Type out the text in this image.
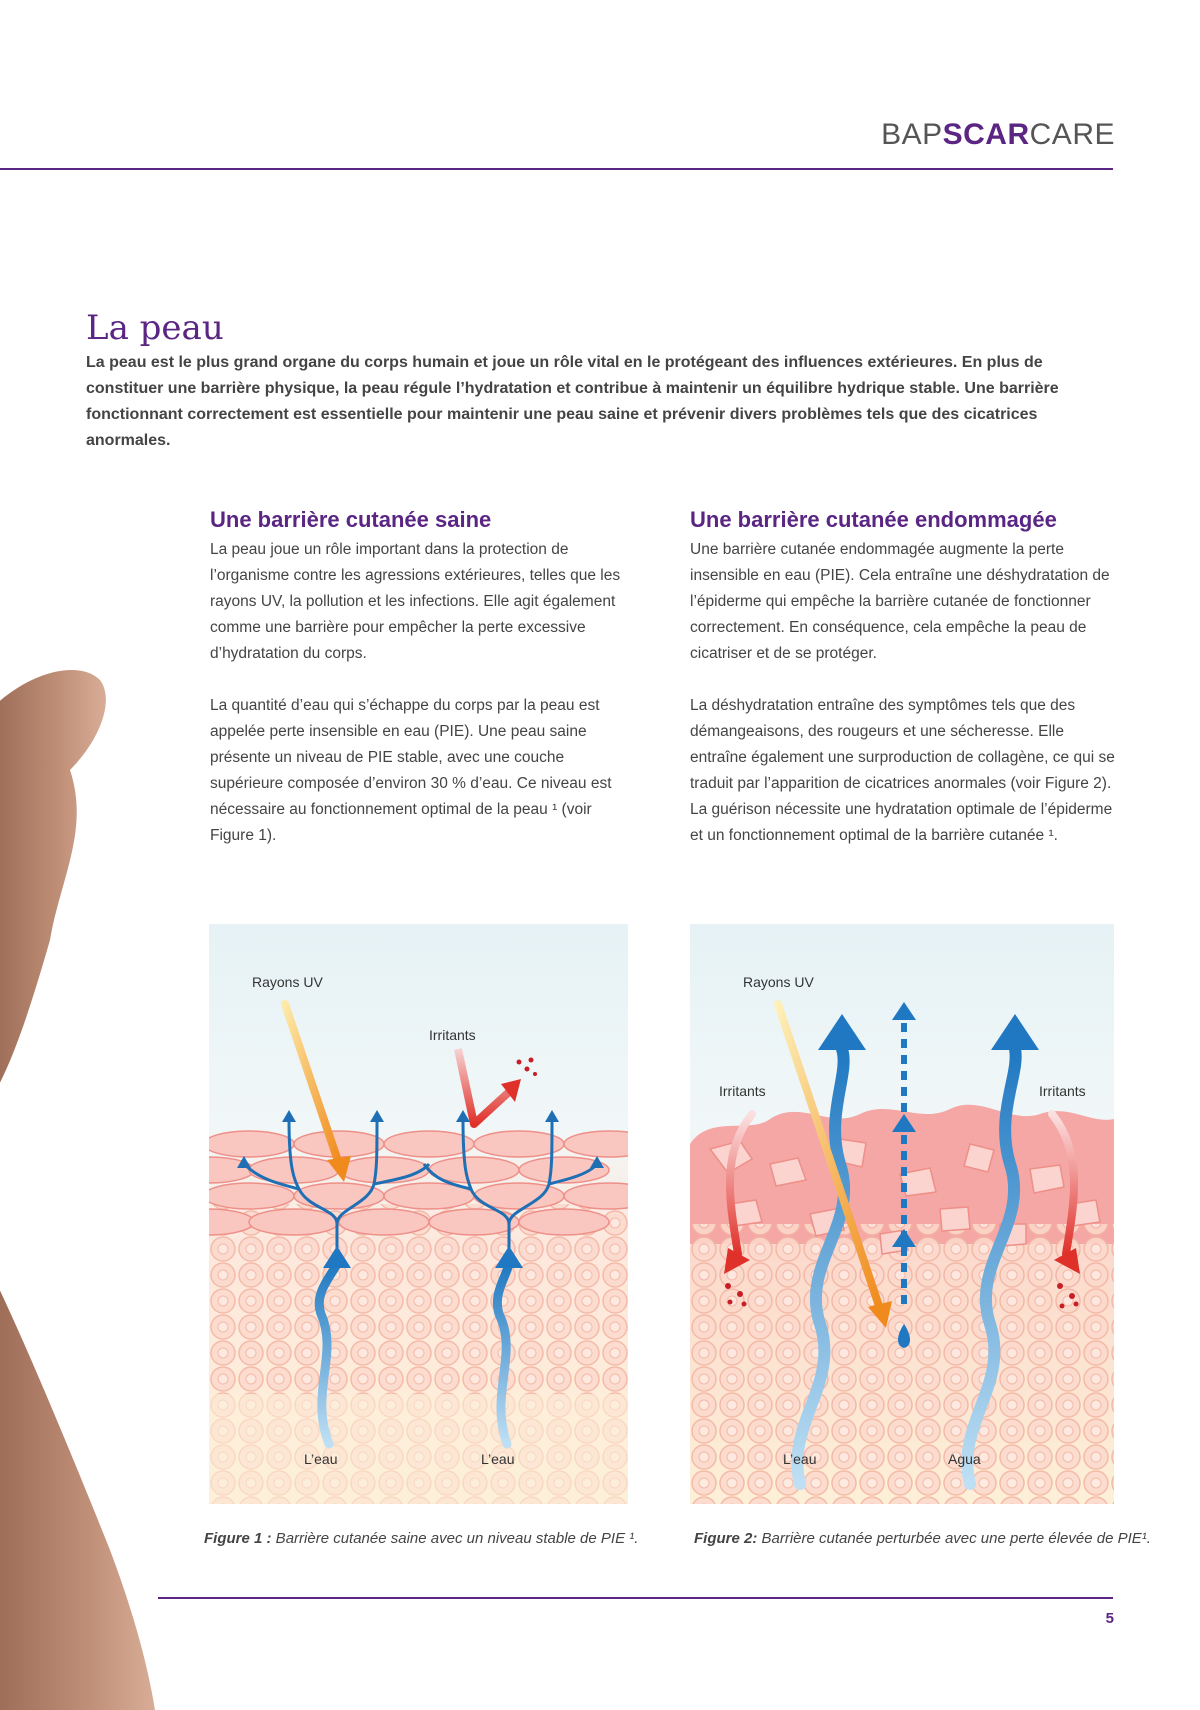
BAPSCARCARE
La peau

La peau est le plus grand organe du corps humain et joue un rôle vital en le protégeant des influences extérieures. En plus de constituer une barrière physique, la peau régule l’hydratation et contribue à maintenir un équilibre hydrique stable. Une barrière fonctionnant correctement est essentielle pour maintenir une peau saine et prévenir divers problèmes tels que des cicatrices anormales.

Une barrière cutanée saine

La peau joue un rôle important dans la protection de l’organisme contre les agressions extérieures, telles que les rayons UV, la pollution et les infections. Elle agit également comme une barrière pour empêcher la perte excessive d’hydratation du corps.

La quantité d’eau qui s’échappe du corps par la peau est appelée perte insensible en eau (PIE). Une peau saine présente un niveau de PIE stable, avec une couche supérieure composée d’environ 30 % d’eau. Ce niveau est nécessaire au fonctionnement optimal de la peau ¹ (voir Figure 1).

Une barrière cutanée endommagée

Une barrière cutanée endommagée augmente la perte insensible en eau (PIE). Cela entraîne une déshydratation de l’épiderme qui empêche la barrière cutanée de fonctionner correctement. En conséquence, cela empêche la peau de cicatriser et de se protéger.

La déshydratation entraîne des symptômes tels que des démangeaisons, des rougeurs et une sécheresse. Elle entraîne également une surproduction de collagène, ce qui se traduit par l’apparition de cicatrices anormales (voir Figure 2).

La guérison nécessite une hydratation optimale de l’épiderme et un fonctionnement optimal de la barrière cutanée ¹.

Rayons UV
Irritants
L’eau	L’eau
Rayons UV
Irritants	Irritants
L’eau	Agua
Figure 1 : Barrière cutanée saine avec un niveau stable de PIE ¹.	Figure 2: Barrière cutanée perturbée avec une perte élevée de PIE¹.
5
